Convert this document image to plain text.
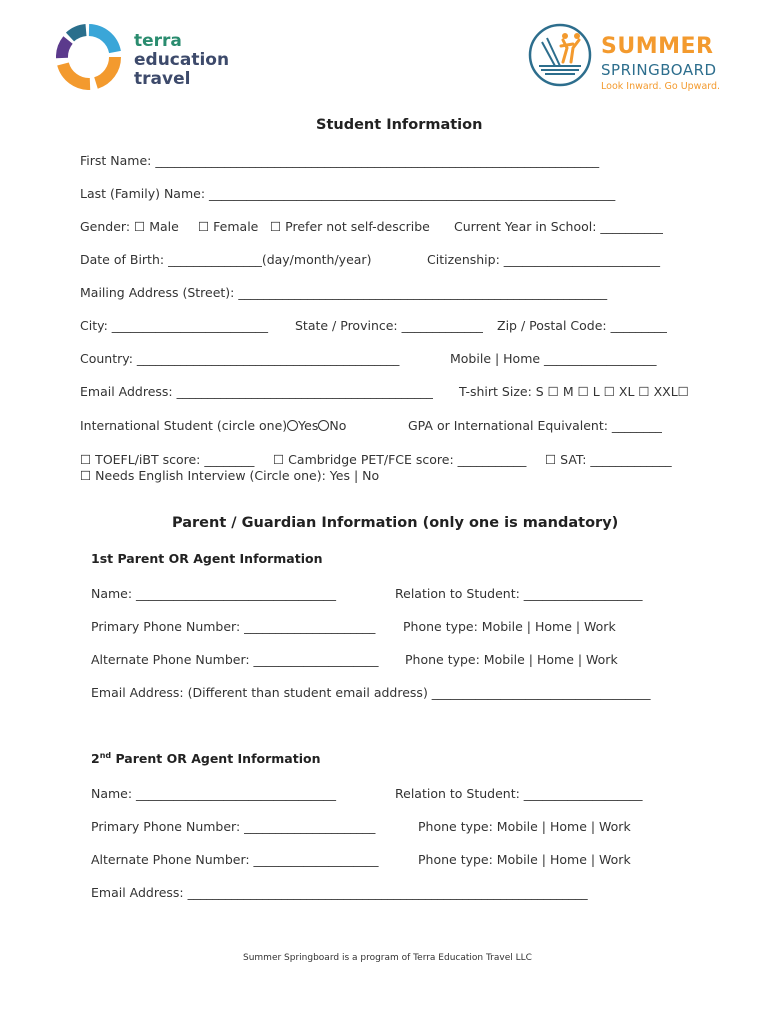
terra
education
travel
SUMMER
SPRINGBOARD
Look Inward. Go Upward.
Student Information
First Name: _______________________________________________________________________
Last (Family) Name: _________________________________________________________________
Gender: ☐ Male ☐ Female ☐ Prefer not self-describe Current Year in School: __________
Date of Birth: _______________(day/month/year)	Citizenship: _________________________
Mailing Address (Street): ___________________________________________________________
City: _________________________ State / Province: _____________ Zip / Postal Code: _________
Country: __________________________________________	Mobile | Home __________________
Email Address: _________________________________________ T-shirt Size: S ☐ M ☐ L ☐ XL ☐ XXL☐
International Student (circle one) Yes No	GPA or International Equivalent: ________
☐ TOEFL/iBT score: ________ ☐ Cambridge PET/FCE score: ___________ ☐ SAT: _____________
☐ Needs English Interview (Circle one): Yes | No
Parent / Guardian Information (only one is mandatory)
1st Parent OR Agent Information
Name: ________________________________	Relation to Student: ___________________
Primary Phone Number: _____________________ Phone type: Mobile | Home | Work
Alternate Phone Number: ____________________ Phone type: Mobile | Home | Work
Email Address: (Different than student email address) ___________________________________
2nd Parent OR Agent Information
Name: ________________________________	Relation to Student: ___________________
Primary Phone Number: _____________________	Phone type: Mobile | Home | Work
Alternate Phone Number: ____________________	Phone type: Mobile | Home | Work
Email Address: ________________________________________________________________
Summer Springboard is a program of Terra Education Travel LLC
